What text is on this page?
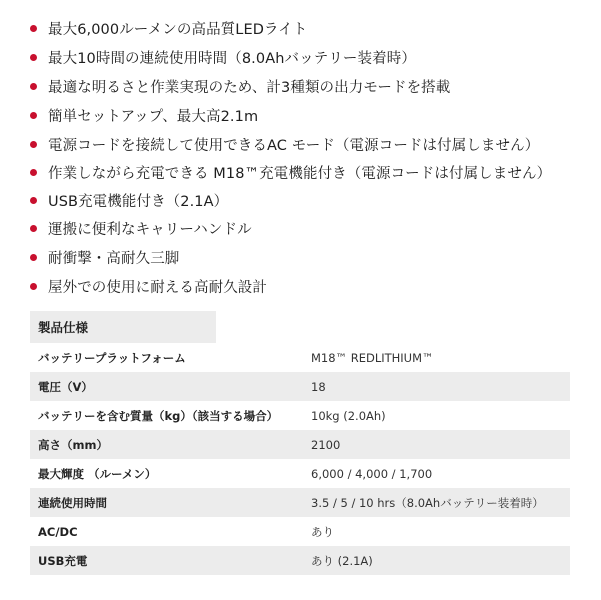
最大6,000ルーメンの高品質LEDライト
最大10時間の連続使用時間（8.0Ahバッテリー装着時）
最適な明るさと作業実現のため、計3種類の出力モードを搭載
簡単セットアップ、最大高2.1m
電源コードを接続して使用できるAC モード（電源コードは付属しません）
作業しながら充電できる M18™充電機能付き（電源コードは付属しません）
USB充電機能付き（2.1A）
運搬に便利なキャリーハンドル
耐衝撃・高耐久三脚
屋外での使用に耐える高耐久設計
製品仕様
バッテリープラットフォーム	M18™ REDLITHIUM™
電圧（V）	18
バッテリーを含む質量（kg）（該当する場合）	10kg (2.0Ah)
高さ（mm）	2100
最大輝度 （ルーメン）	6,000 / 4,000 / 1,700
連続使用時間	3.5 / 5 / 10 hrs（8.0Ahバッテリー装着時）
AC/DC	あり
USB充電	あり (2.1A)
